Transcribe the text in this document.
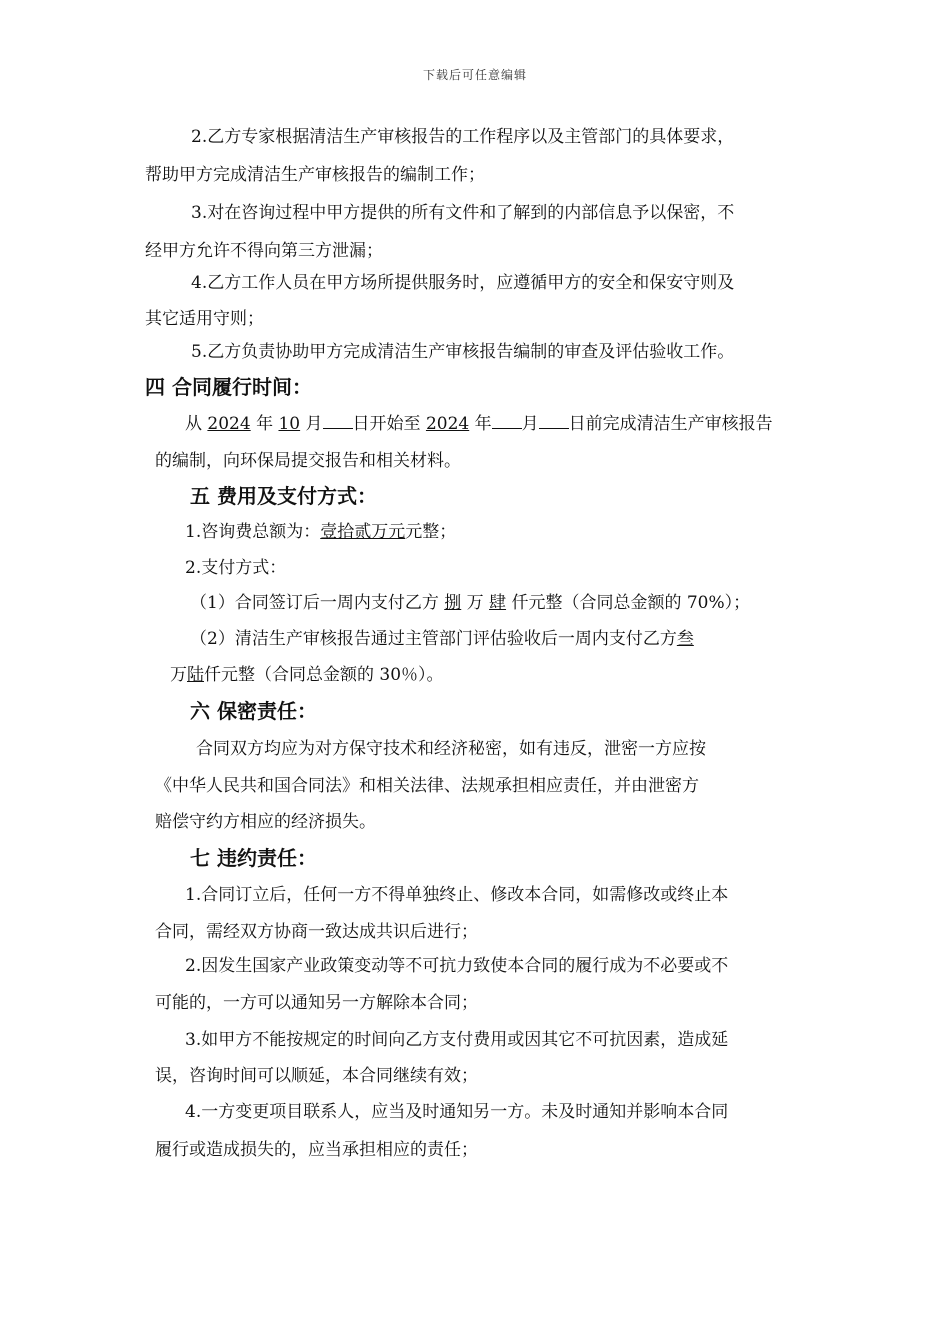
下载后可任意编辑
2.乙方专家根据清洁生产审核报告的工作程序以及主管部门的具体要求，
帮助甲方完成清洁生产审核报告的编制工作；
3.对在咨询过程中甲方提供的所有文件和了解到的内部信息予以保密，不
经甲方允许不得向第三方泄漏；
4.乙方工作人员在甲方场所提供服务时，应遵循甲方的安全和保安守则及
其它适用守则；
5.乙方负责协助甲方完成清洁生产审核报告编制的审查及评估验收工作。
四 合同履行时间：
从 2024 年 10 月 日开始至 2024 年 月 日前完成清洁生产审核报告
的编制，向环保局提交报告和相关材料。
五 费用及支付方式：
1.咨询费总额为：壹拾贰万元元整；
2.支付方式：
（1）合同签订后一周内支付乙方 捌 万 肆 仟元整（合同总金额的 70%）；
（2）清洁生产审核报告通过主管部门评估验收后一周内支付乙方叁
万陆仟元整（合同总金额的 30％）。
六 保密责任：
合同双方均应为对方保守技术和经济秘密，如有违反，泄密一方应按
《中华人民共和国合同法》和相关法律、法规承担相应责任，并由泄密方
赔偿守约方相应的经济损失。
七 违约责任：
1.合同订立后，任何一方不得单独终止、修改本合同，如需修改或终止本
合同，需经双方协商一致达成共识后进行；
2.因发生国家产业政策变动等不可抗力致使本合同的履行成为不必要或不
可能的，一方可以通知另一方解除本合同；
3.如甲方不能按规定的时间向乙方支付费用或因其它不可抗因素，造成延
误，咨询时间可以顺延，本合同继续有效；
4.一方变更项目联系人，应当及时通知另一方。未及时通知并影响本合同
履行或造成损失的，应当承担相应的责任；
